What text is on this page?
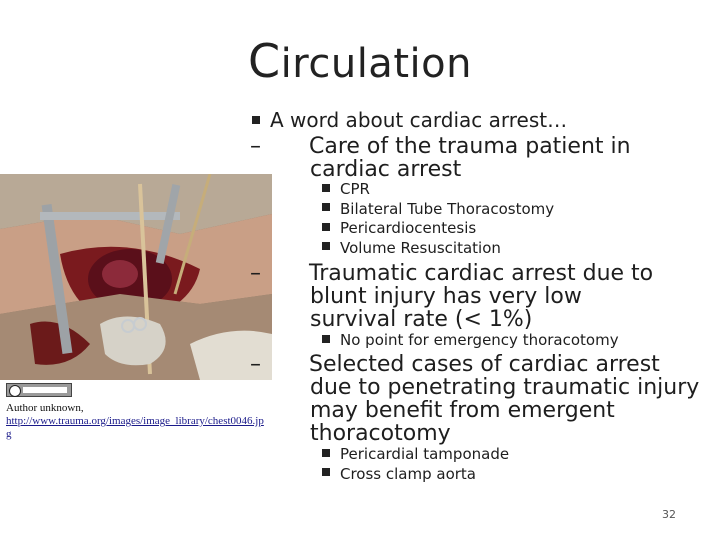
Circulation

Author unknown,
http://www.trauma.org/images/image_library/chest0046.jpg
A word about cardiac arrest…
– Care of the trauma patient in cardiac arrest
CPR
Bilateral Tube Thoracostomy
Pericardiocentesis
Volume Resuscitation
– Traumatic cardiac arrest due to blunt injury has very low survival rate (< 1%)
No point for emergency thoracotomy
– Selected cases of cardiac arrest due to penetrating traumatic injury may benefit from emergent thoracotomy
Pericardial tamponade
Cross clamp aorta
32
